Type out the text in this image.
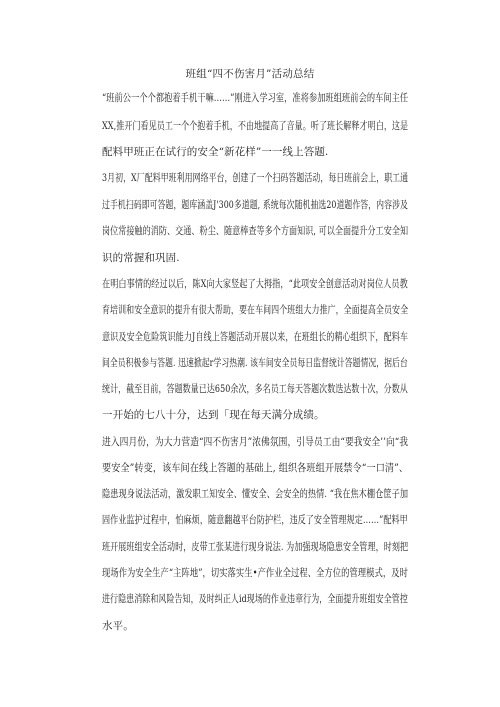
班组“四不伤害月”活动总结
“班前公一个个都抱着手机干嘛……”刚进入学习室，准将参加班组班前会的车间主任
XX,推开门看见员工一个个抱着手机，不由地提高了音量。听了班长解释才明白，这是
配料甲班正在试行的安全“新花样”一一线上答题.
3月初，X厂配料甲班利用网络平台，创建了一个扫码答题活动，每日班前会上，职工通
过手机扫码即可答题，题库涵盖J'300多道题, 系统每次随机抽选20道题作答，内容涉及
岗位常接触的消防、交通、粉尘、随意棒查等多个方面知识, 可以全面提升分工安全知
识的常握和巩固.
在明白事情的经过以后，陈X向大家竖起了大拇指，“此项安全创意活动对岗位人员教
育培训和安全意识的提升有很大帮助，要在车间四个班组大力推广，全面提高全员安全
意识及安全危险筑识能力J自线上答题活动开展以来，在班组长的精心组织下，配料车
间全员积极参与答题. 迅速掀起r学习热潮. 该车间安全员每日监督统计答题情况，据后台
统计，截至目前，答题数量已达650余次，多名员工每天答题次数迭达数十次，分数从
一开始的七八十分，达到「现在每天满分成绩。
进入四月份，为大力营造“四不伤害月”浓佛氛围，引导员工由“要我安全’’向“我
要安全”转变，该车间在线上答题的基础上, 组织各班组开展禁令“一口清”、
隐患现身说法活动，激发职工知安全、懂安全、会安全的热情. “我在焦木棚仓筐子加
固作业监护过程中，怕麻烦，随意翻越平台防护栏，违反了安全管理规定……”配料甲
班开展班组安全活动时，皮带工张某进行现身说法. 为加强现场隐患安全管理，时刻把
现场作为安全生产“主阵地”，切实落实生•产作业全过程、全方位的管理模式，及时
进行隐患消除和风险告知，及时纠正人id现场的作业违章行为，全面提升班组安全管控
水平。
